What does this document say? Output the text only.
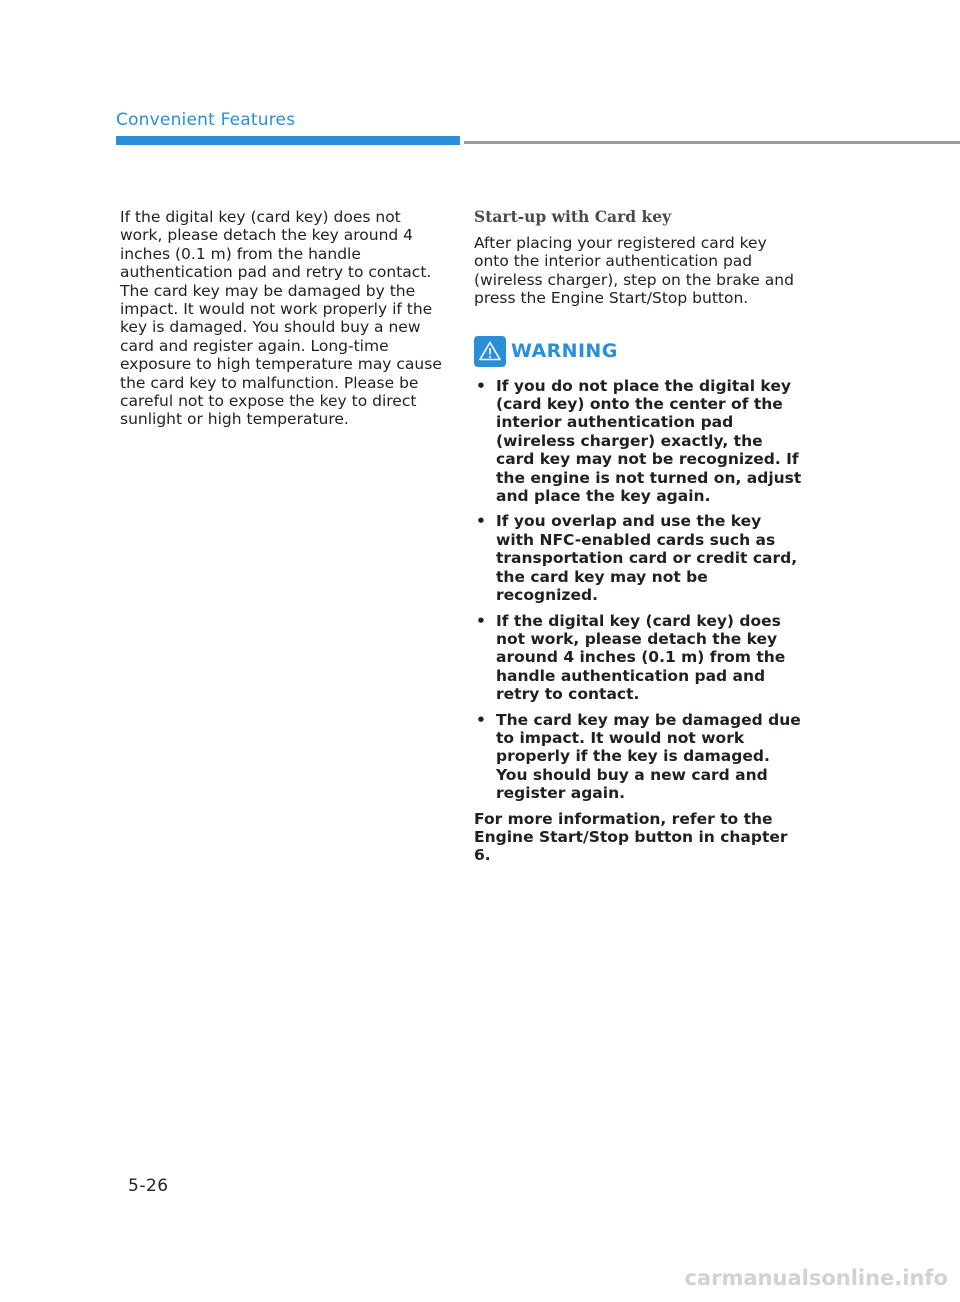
Convenient Features

If the digital key (card key) does not work, please detach the key around 4 inches (0.1 m) from the handle authentication pad and retry to contact. The card key may be damaged by the impact. It would not work properly if the key is damaged. You should buy a new card and register again. Long-time exposure to high temperature may cause the card key to malfunction. Please be careful not to expose the key to direct sunlight or high temperature.

Start-up with Card key

After placing your registered card key onto the interior authentication pad (wireless charger), step on the brake and press the Engine Start/Stop button.

WARNING
• If you do not place the digital key (card key) onto the center of the interior authentication pad (wireless charger) exactly, the card key may not be recognized. If the engine is not turned on, adjust and place the key again.
• If you overlap and use the key with NFC-enabled cards such as transportation card or credit card, the card key may not be recognized.
• If the digital key (card key) does not work, please detach the key around 4 inches (0.1 m) from the handle authentication pad and retry to contact.
• The card key may be damaged due to impact. It would not work properly if the key is damaged. You should buy a new card and register again.

For more information, refer to the Engine Start/Stop button in chapter 6.

5-26
carmanualsonline.info
